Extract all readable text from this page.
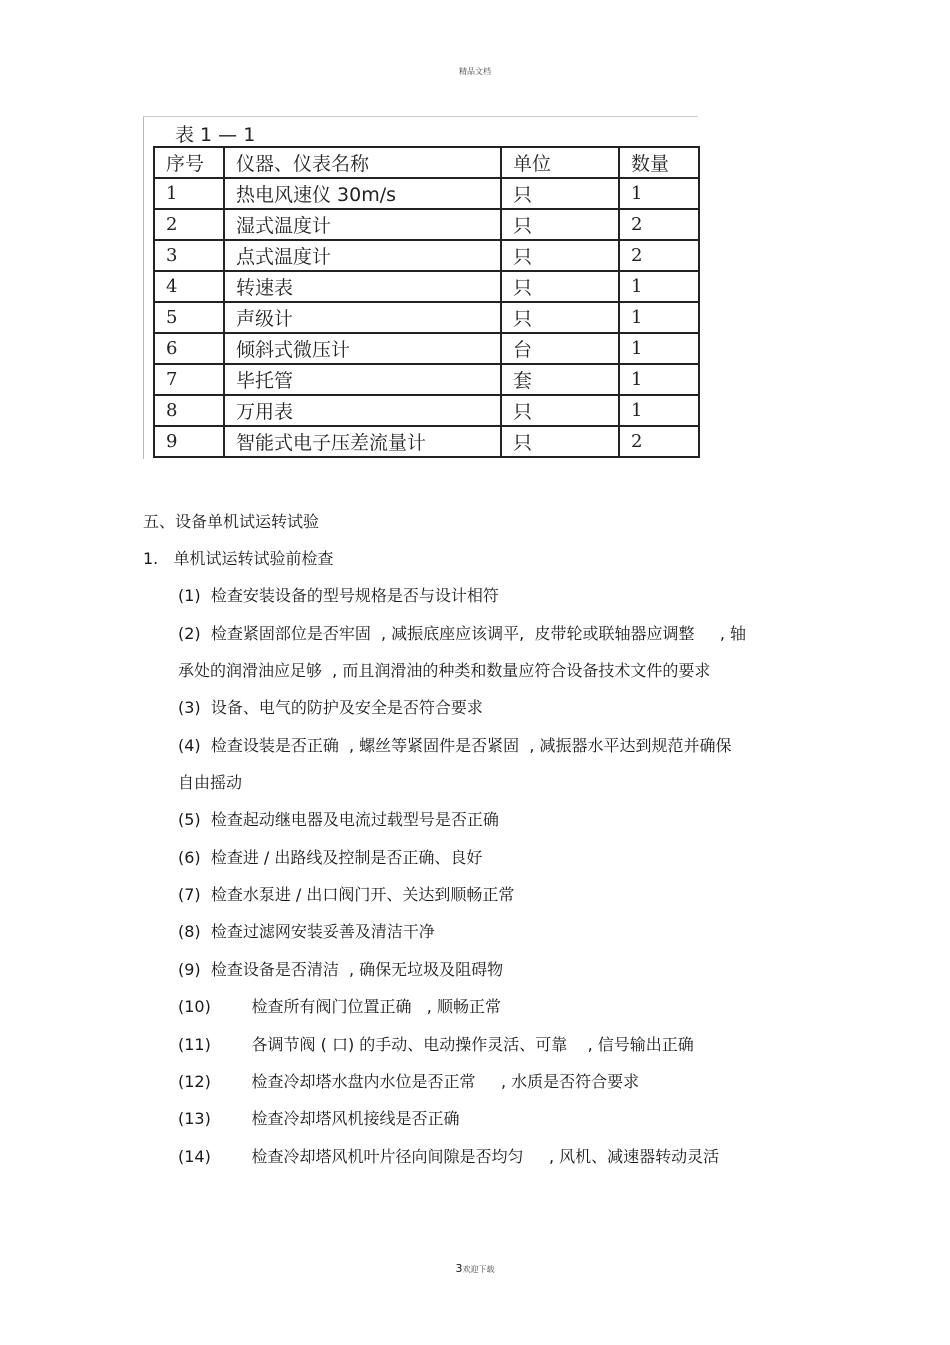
精品文档
表 1 — 1
序号	仪器、仪表名称	单位	数量
1	热电风速仪 30m/s	只	1
2	湿式温度计	只	2
3	点式温度计	只	2
4	转速表	只	1
5	声级计	只	1
6	倾斜式微压计	台	1
7	毕托管	套	1
8	万用表	只	1
9	智能式电子压差流量计	只	2
五、设备单机试运转试验
1.   单机试运转试验前检查
(1)  检查安装设备的型号规格是否与设计相符
(2)  检查紧固部位是否牢固  , 减振底座应该调平,  皮带轮或联轴器应调整     , 轴
承处的润滑油应足够  , 而且润滑油的种类和数量应符合设备技术文件的要求
(3)  设备、电气的防护及安全是否符合要求
(4)  检查设装是否正确  , 螺丝等紧固件是否紧固  , 减振器水平达到规范并确保
自由摇动
(5)  检查起动继电器及电流过载型号是否正确
(6)  检查进 / 出路线及控制是否正确、良好
(7)  检查水泵进 / 出口阀门开、关达到顺畅正常
(8)  检查过滤网安装妥善及清洁干净
(9)  检查设备是否清洁  , 确保无垃圾及阻碍物
(10)        检查所有阀门位置正确   , 顺畅正常
(11)        各调节阀 ( 口) 的手动、电动操作灵活、可靠    , 信号输出正确
(12)        检查冷却塔水盘内水位是否正常     , 水质是否符合要求
(13)        检查冷却塔风机接线是否正确
(14)        检查冷却塔风机叶片径向间隙是否均匀     , 风机、减速器转动灵活
3欢迎下载
